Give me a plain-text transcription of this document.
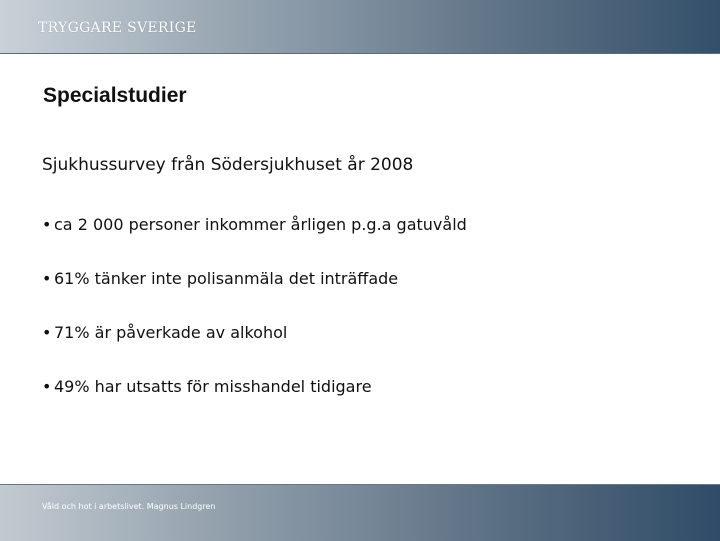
TRYGGARE SVERIGE
Specialstudier

Sjukhussurvey från Södersjukhuset år 2008

• ca 2 000 personer inkommer årligen p.g.a gatuvåld
• 61% tänker inte polisanmäla det inträffade
• 71% är påverkade av alkohol
• 49% har utsatts för misshandel tidigare
Våld och hot i arbetslivet. Magnus Lindgren
